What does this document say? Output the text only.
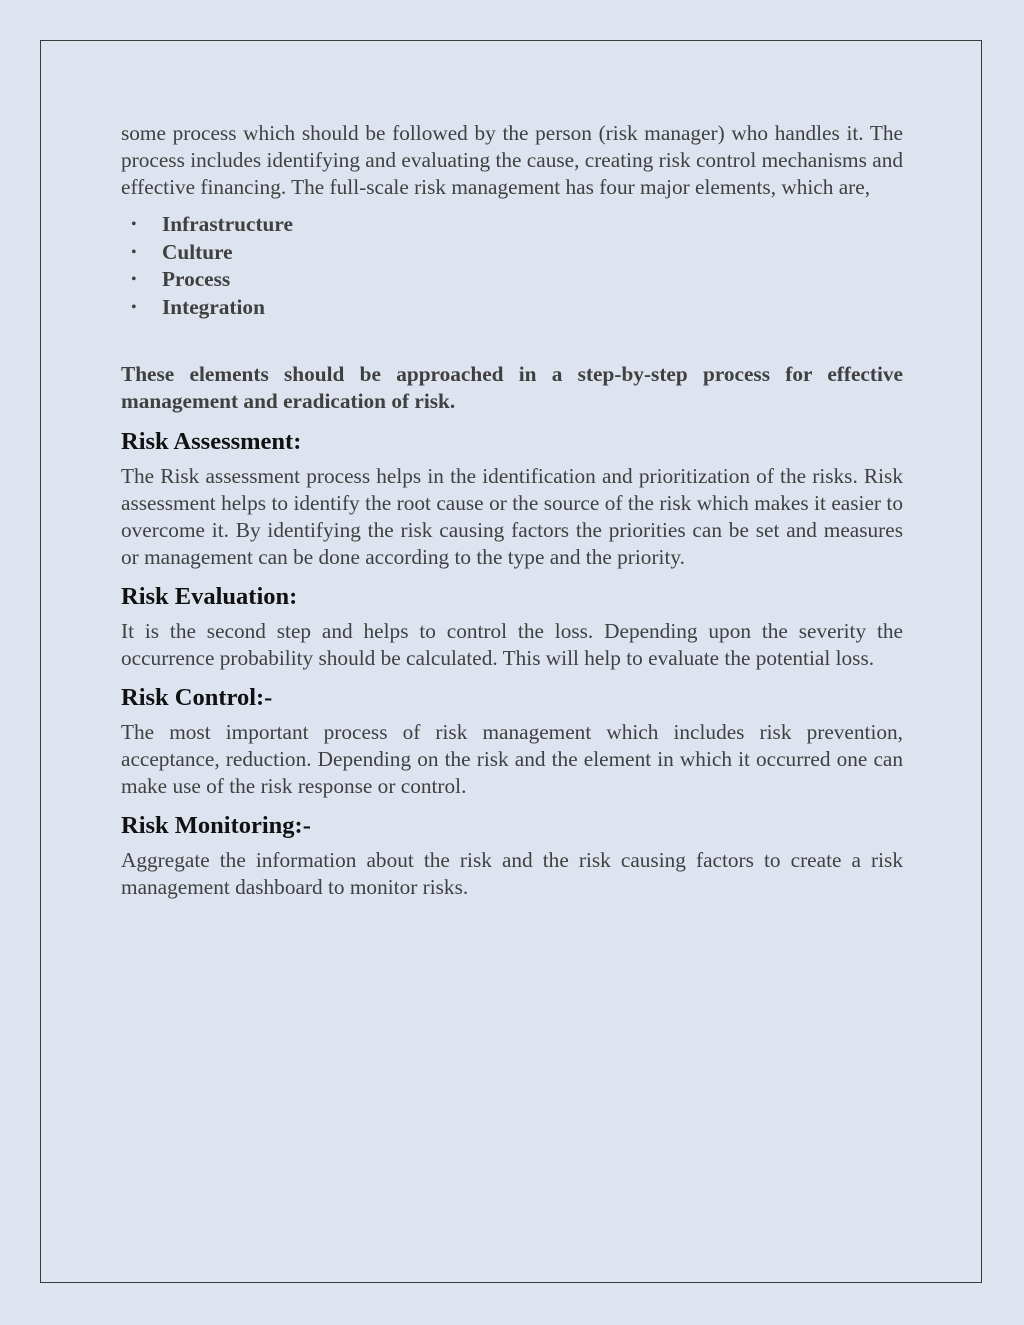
some process which should be followed by the person (risk manager) who handles it. The process includes identifying and evaluating the cause, creating risk control mechanisms and effective financing. The full-scale risk management has four major elements, which are,

• Infrastructure
• Culture
• Process
• Integration

These elements should be approached in a step-by-step process for effective management and eradication of risk.

Risk Assessment:

The Risk assessment process helps in the identification and prioritization of the risks. Risk assessment helps to identify the root cause or the source of the risk which makes it easier to overcome it. By identifying the risk causing factors the priorities can be set and measures or management can be done according to the type and the priority.

Risk Evaluation:

It is the second step and helps to control the loss. Depending upon the severity the occurrence probability should be calculated. This will help to evaluate the potential loss.

Risk Control:-

The most important process of risk management which includes risk prevention, acceptance, reduction. Depending on the risk and the element in which it occurred one can make use of the risk response or control.

Risk Monitoring:-

Aggregate the information about the risk and the risk causing factors to create a risk management dashboard to monitor risks.
